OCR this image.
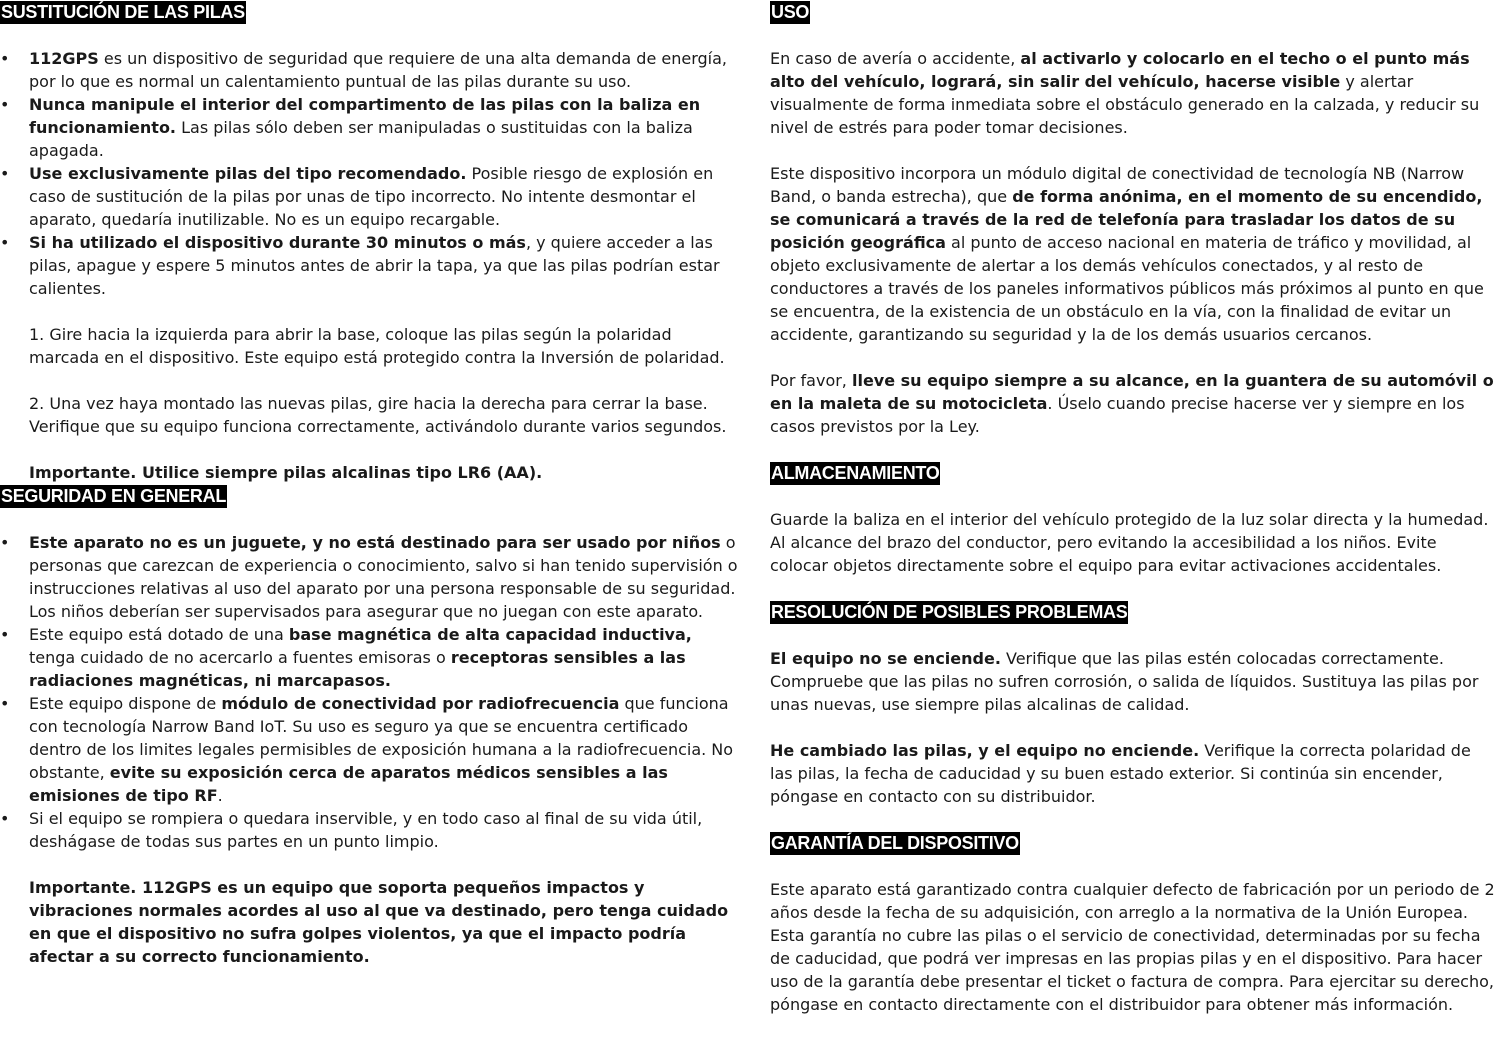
SUSTITUCIÓN DE LAS PILAS
• 112GPS es un dispositivo de seguridad que requiere de una alta demanda de energía, por lo que es normal un calentamiento puntual de las pilas durante su uso.
• Nunca manipule el interior del compartimento de las pilas con la baliza en funcionamiento. Las pilas sólo deben ser manipuladas o sustituidas con la baliza apagada.
• Use exclusivamente pilas del tipo recomendado. Posible riesgo de explosión en caso de sustitución de la pilas por unas de tipo incorrecto. No intente desmontar el aparato, quedaría inutilizable. No es un equipo recargable.
• Si ha utilizado el dispositivo durante 30 minutos o más, y quiere acceder a las pilas, apague y espere 5 minutos antes de abrir la tapa, ya que las pilas podrían estar calientes.

1. Gire hacia la izquierda para abrir la base, coloque las pilas según la polaridad marcada en el dispositivo. Este equipo está protegido contra la Inversión de polaridad.

2. Una vez haya montado las nuevas pilas, gire hacia la derecha para cerrar la base. Verifique que su equipo funciona correctamente, activándolo durante varios segundos.

Importante. Utilice siempre pilas alcalinas tipo LR6 (AA).

SEGURIDAD EN GENERAL
• Este aparato no es un juguete, y no está destinado para ser usado por niños o personas que carezcan de experiencia o conocimiento, salvo si han tenido supervisión o instrucciones relativas al uso del aparato por una persona responsable de su seguridad. Los niños deberían ser supervisados para asegurar que no juegan con este aparato.
• Este equipo está dotado de una base magnética de alta capacidad inductiva, tenga cuidado de no acercarlo a fuentes emisoras o receptoras sensibles a las radiaciones magnéticas, ni marcapasos.
• Este equipo dispone de módulo de conectividad por radiofrecuencia que funciona con tecnología Narrow Band IoT. Su uso es seguro ya que se encuentra certificado dentro de los limites legales permisibles de exposición humana a la radiofrecuencia. No obstante, evite su exposición cerca de aparatos médicos sensibles a las emisiones de tipo RF.
• Si el equipo se rompiera o quedara inservible, y en todo caso al final de su vida útil, deshágase de todas sus partes en un punto limpio.

Importante. 112GPS es un equipo que soporta pequeños impactos y vibraciones normales acordes al uso al que va destinado, pero tenga cuidado en que el dispositivo no sufra golpes violentos, ya que el impacto podría afectar a su correcto funcionamiento.

USO

En caso de avería o accidente, al activarlo y colocarlo en el techo o el punto más alto del vehículo, logrará, sin salir del vehículo, hacerse visible y alertar visualmente de forma inmediata sobre el obstáculo generado en la calzada, y reducir su nivel de estrés para poder tomar decisiones.

Este dispositivo incorpora un módulo digital de conectividad de tecnología NB (Narrow Band, o banda estrecha), que de forma anónima, en el momento de su encendido, se comunicará a través de la red de telefonía para trasladar los datos de su posición geográfica al punto de acceso nacional en materia de tráfico y movilidad, al objeto exclusivamente de alertar a los demás vehículos conectados, y al resto de conductores a través de los paneles informativos públicos más próximos al punto en que se encuentra, de la existencia de un obstáculo en la vía, con la finalidad de evitar un accidente, garantizando su seguridad y la de los demás usuarios cercanos.

Por favor, lleve su equipo siempre a su alcance, en la guantera de su automóvil o en la maleta de su motocicleta. Úselo cuando precise hacerse ver y siempre en los casos previstos por la Ley.

ALMACENAMIENTO

Guarde la baliza en el interior del vehículo protegido de la luz solar directa y la humedad. Al alcance del brazo del conductor, pero evitando la accesibilidad a los niños. Evite colocar objetos directamente sobre el equipo para evitar activaciones accidentales.

RESOLUCIÓN DE POSIBLES PROBLEMAS

El equipo no se enciende. Verifique que las pilas estén colocadas correctamente. Compruebe que las pilas no sufren corrosión, o salida de líquidos. Sustituya las pilas por unas nuevas, use siempre pilas alcalinas de calidad.

He cambiado las pilas, y el equipo no enciende. Verifique la correcta polaridad de las pilas, la fecha de caducidad y su buen estado exterior. Si continúa sin encender, póngase en contacto con su distribuidor.

GARANTÍA DEL DISPOSITIVO

Este aparato está garantizado contra cualquier defecto de fabricación por un periodo de 2 años desde la fecha de su adquisición, con arreglo a la normativa de la Unión Europea. Esta garantía no cubre las pilas o el servicio de conectividad, determinadas por su fecha de caducidad, que podrá ver impresas en las propias pilas y en el dispositivo. Para hacer uso de la garantía debe presentar el ticket o factura de compra. Para ejercitar su derecho, póngase en contacto directamente con el distribuidor para obtener más información.
